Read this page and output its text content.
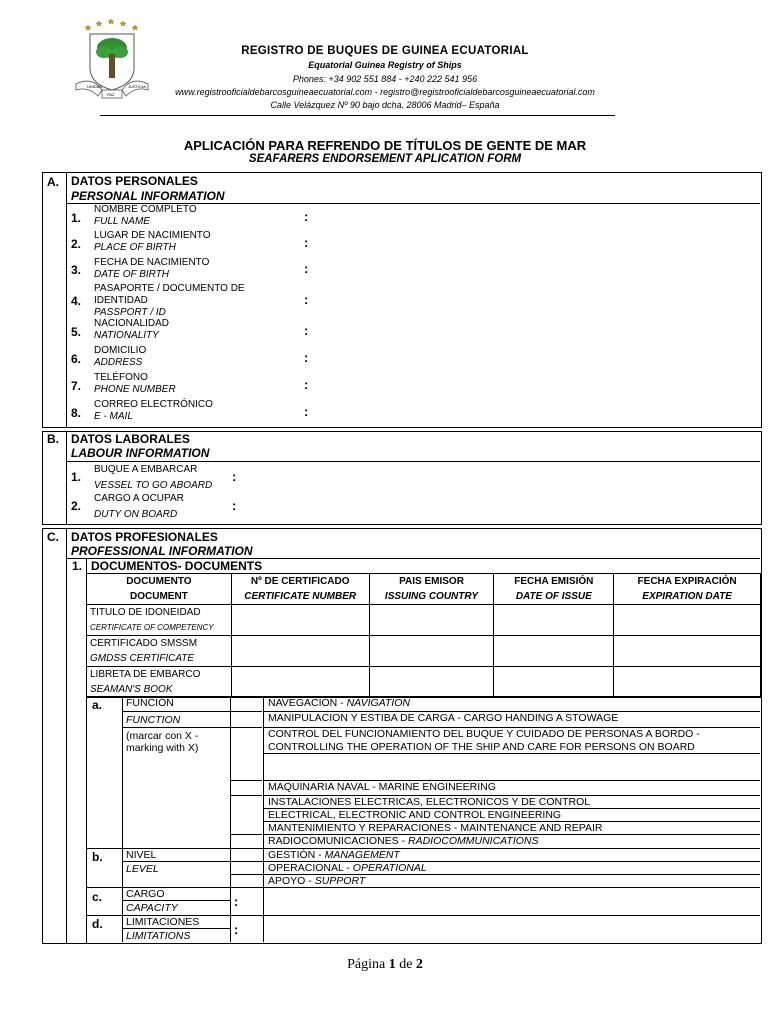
UNIDAD
PAZ
JUSTICIA
REGISTRO DE BUQUES DE GUINEA ECUATORIAL
Equatorial Guinea Registry of Ships
Phones: +34 902 551 884 - +240 222 541 956
www.registrooficialdebarcosguineaecuatorial.com - registro@registrooficialdebarcosguineaecuatorial.com
Calle Velázquez Nº 90 bajo dcha. 28006 Madrid– España
APLICACIÓN PARA REFRENDO DE TÍTULOS DE GENTE DE MAR
SEAFARERS ENDORSEMENT APLICATION FORM
A. DATOS PERSONALES
PERSONAL INFORMATION
1.
NOMBRE COMPLETO
FULL NAME	:
2.
LUGAR DE NACIMIENTO
PLACE OF BIRTH	:
3.
FECHA DE NACIMIENTO
DATE OF BIRTH	:
4.
PASAPORTE / DOCUMENTO DE IDENTIDAD
PASSPORT / ID
:
5.
NACIONALIDAD
NATIONALITY	:
6.
DOMICILIO
ADDRESS	:
7.
TELÉFONO
PHONE NUMBER	:
8.
CORREO ELECTRÓNICO
E - MAIL	:
B. DATOS LABORALES
LABOUR INFORMATION
1.
BUQUE A EMBARCAR
VESSEL TO GO ABOARD
:
2.
CARGO A OCUPAR
DUTY ON BOARD
:
C. DATOS PROFESIONALES
PROFESSIONAL INFORMATION
1. DOCUMENTOS- DOCUMENTS
DOCUMENTO	Nº DE CERTIFICADO	PAIS EMISOR	FECHA EMISIÓN	FECHA EXPIRACIÓN
DOCUMENT	CERTIFICATE NUMBER	ISSUING COUNTRY	DATE OF ISSUE	EXPIRATION DATE
TITULO DE IDONEIDAD				
CERTIFICATE OF COMPETENCY				
CERTIFICADO SMSSM				
GMDSS CERTIFICATE				
LIBRETA DE EMBARCO				
SEAMAN'S BOOK				
a. FUNCIÓN
FUNCTION
(marcar con X - marking with X)
NAVEGACIÓN - NAVIGATION
MANIPULACION Y ESTIBA DE CARGA - CARGO HANDING A STOWAGE
CONTROL DEL FUNCIONAMIENTO DEL BUQUE Y CUIDADO DE PERSONAS A BORDO -
CONTROLLING THE OPERATION OF THE SHIP AND CARE FOR PERSONS ON BOARD
MAQUINARIA NAVAL - MARINE ENGINEERING
INSTALACIONES ELECTRICAS, ELECTRONICOS Y DE CONTROL
ELECTRICAL, ELECTRONIC AND CONTROL ENGINEERING
MANTENIMIENTO Y REPARACIONES - MAINTENANCE AND REPAIR
RADIOCOMUNICACIONES - RADIOCOMMUNICATIONS
b. NIVEL
LEVEL
GESTIÓN - MANAGEMENT
OPERACIONAL - OPERATIONAL
APOYO - SUPPORT
c. CARGO
CAPACITY	:
d. LIMITACIONES
LIMITATIONS	:
Página 1 de 2
